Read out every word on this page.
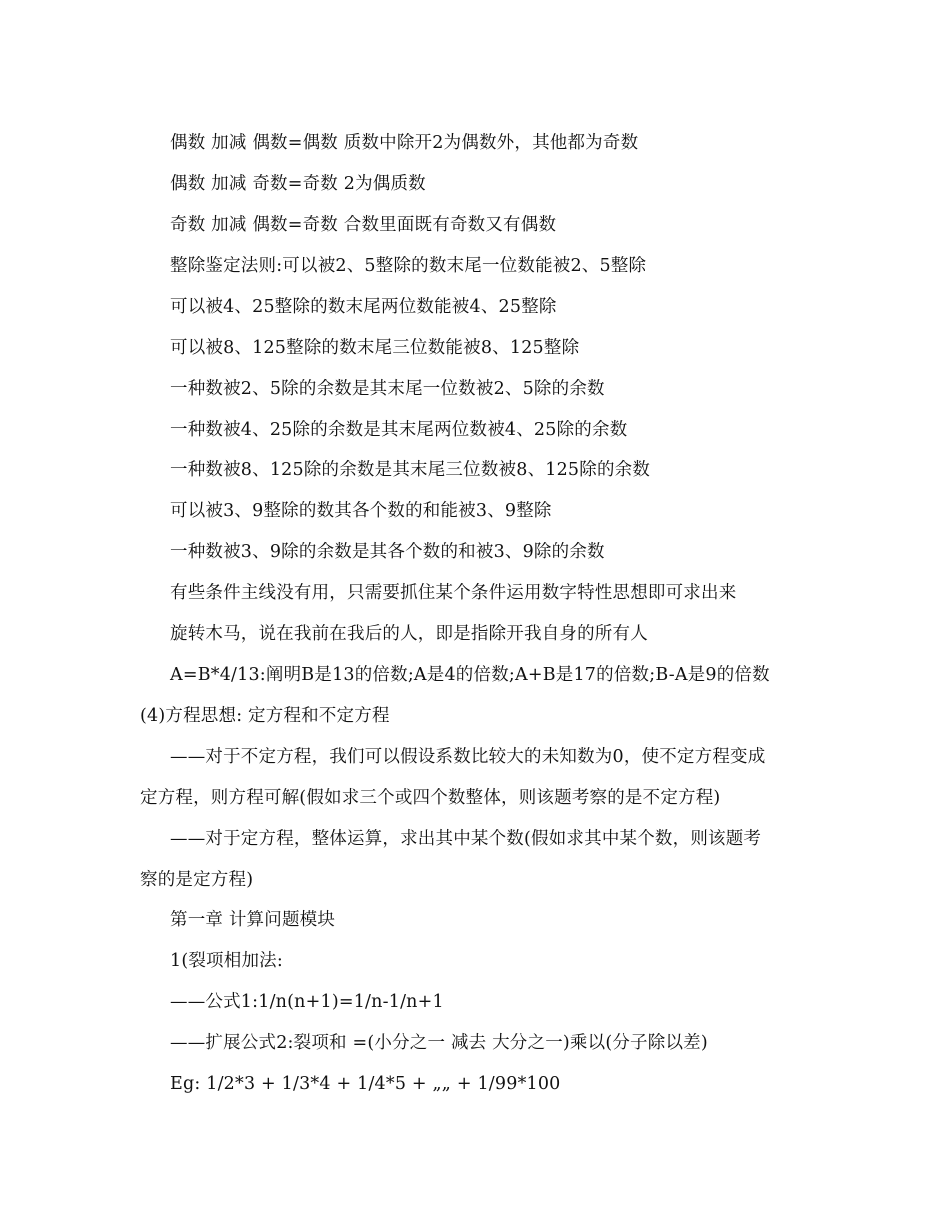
偶数 加减 偶数=偶数 质数中除开2为偶数外，其他都为奇数
偶数 加减 奇数=奇数 2为偶质数
奇数 加减 偶数=奇数 合数里面既有奇数又有偶数
整除鉴定法则:可以被2、5整除的数末尾一位数能被2、5整除
可以被4、25整除的数末尾两位数能被4、25整除
可以被8、125整除的数末尾三位数能被8、125整除
一种数被2、5除的余数是其末尾一位数被2、5除的余数
一种数被4、25除的余数是其末尾两位数被4、25除的余数
一种数被8、125除的余数是其末尾三位数被8、125除的余数
可以被3、9整除的数其各个数的和能被3、9整除
一种数被3、9除的余数是其各个数的和被3、9除的余数
有些条件主线没有用，只需要抓住某个条件运用数字特性思想即可求出来
旋转木马，说在我前在我后的人，即是指除开我自身的所有人
A=B*4/13:阐明B是13的倍数;A是4的倍数;A+B是17的倍数;B-A是9的倍数
(4)方程思想: 定方程和不定方程
——对于不定方程，我们可以假设系数比较大的未知数为0，使不定方程变成
定方程，则方程可解(假如求三个或四个数整体，则该题考察的是不定方程)
——对于定方程，整体运算，求出其中某个数(假如求其中某个数，则该题考
察的是定方程)
第一章 计算问题模块
1(裂项相加法:
——公式1:1/n(n+1)=1/n-1/n+1
——扩展公式2:裂项和 =(小分之一 减去 大分之一)乘以(分子除以差)
Eg: 1/2*3 + 1/3*4 + 1/4*5 + „„ + 1/99*100
